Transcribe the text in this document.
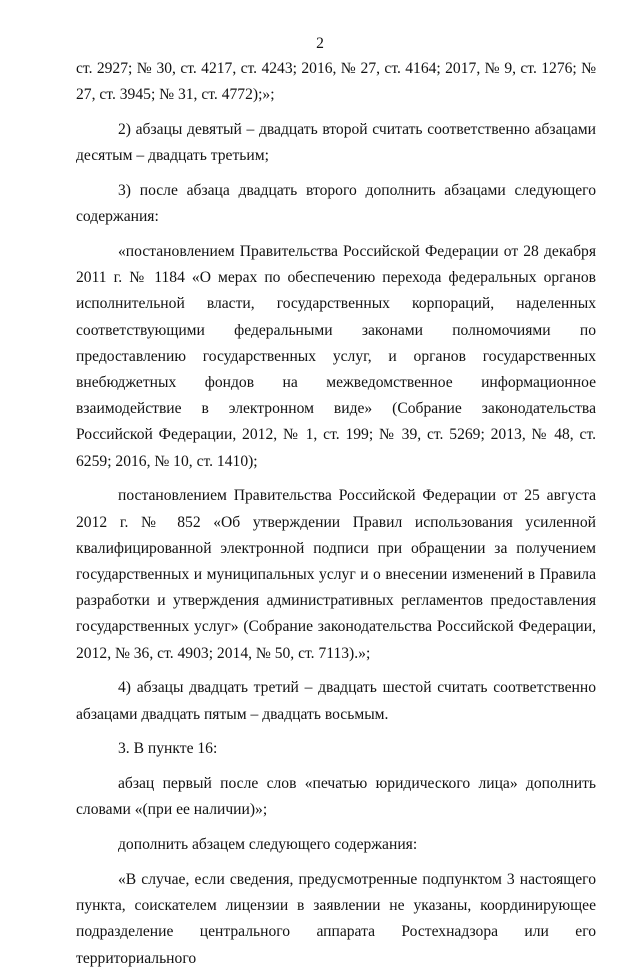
2

ст. 2927; № 30, ст. 4217, ст. 4243; 2016, № 27, ст. 4164; 2017, № 9, ст. 1276; № 27, ст. 3945; № 31, ст. 4772);»;

2) абзацы девятый – двадцать второй считать соответственно абзацами десятым – двадцать третьим;

3) после абзаца двадцать второго дополнить абзацами следующего содержания:

«постановлением Правительства Российской Федерации от 28 декабря 2011 г. № 1184 «О мерах по обеспечению перехода федеральных органов исполнительной власти, государственных корпораций, наделенных соответствующими федеральными законами полномочиями по предоставлению государственных услуг, и органов государственных внебюджетных фондов на межведомственное информационное взаимодействие в электронном виде» (Собрание законодательства Российской Федерации, 2012, № 1, ст. 199; № 39, ст. 5269; 2013, № 48, ст. 6259; 2016, № 10, ст. 1410);

постановлением Правительства Российской Федерации от 25 августа 2012 г. № 852 «Об утверждении Правил использования усиленной квалифицированной электронной подписи при обращении за получением государственных и муниципальных услуг и о внесении изменений в Правила разработки и утверждения административных регламентов предоставления государственных услуг» (Собрание законодательства Российской Федерации, 2012, № 36, ст. 4903; 2014, № 50, ст. 7113).»;

4) абзацы двадцать третий – двадцать шестой считать соответственно абзацами двадцать пятым – двадцать восьмым.

3. В пункте 16:

абзац первый после слов «печатью юридического лица» дополнить словами «(при ее наличии)»;

дополнить абзацем следующего содержания:

«В случае, если сведения, предусмотренные подпунктом 3 настоящего пункта, соискателем лицензии в заявлении не указаны, координирующее подразделение центрального аппарата Ростехнадзора или его территориального
